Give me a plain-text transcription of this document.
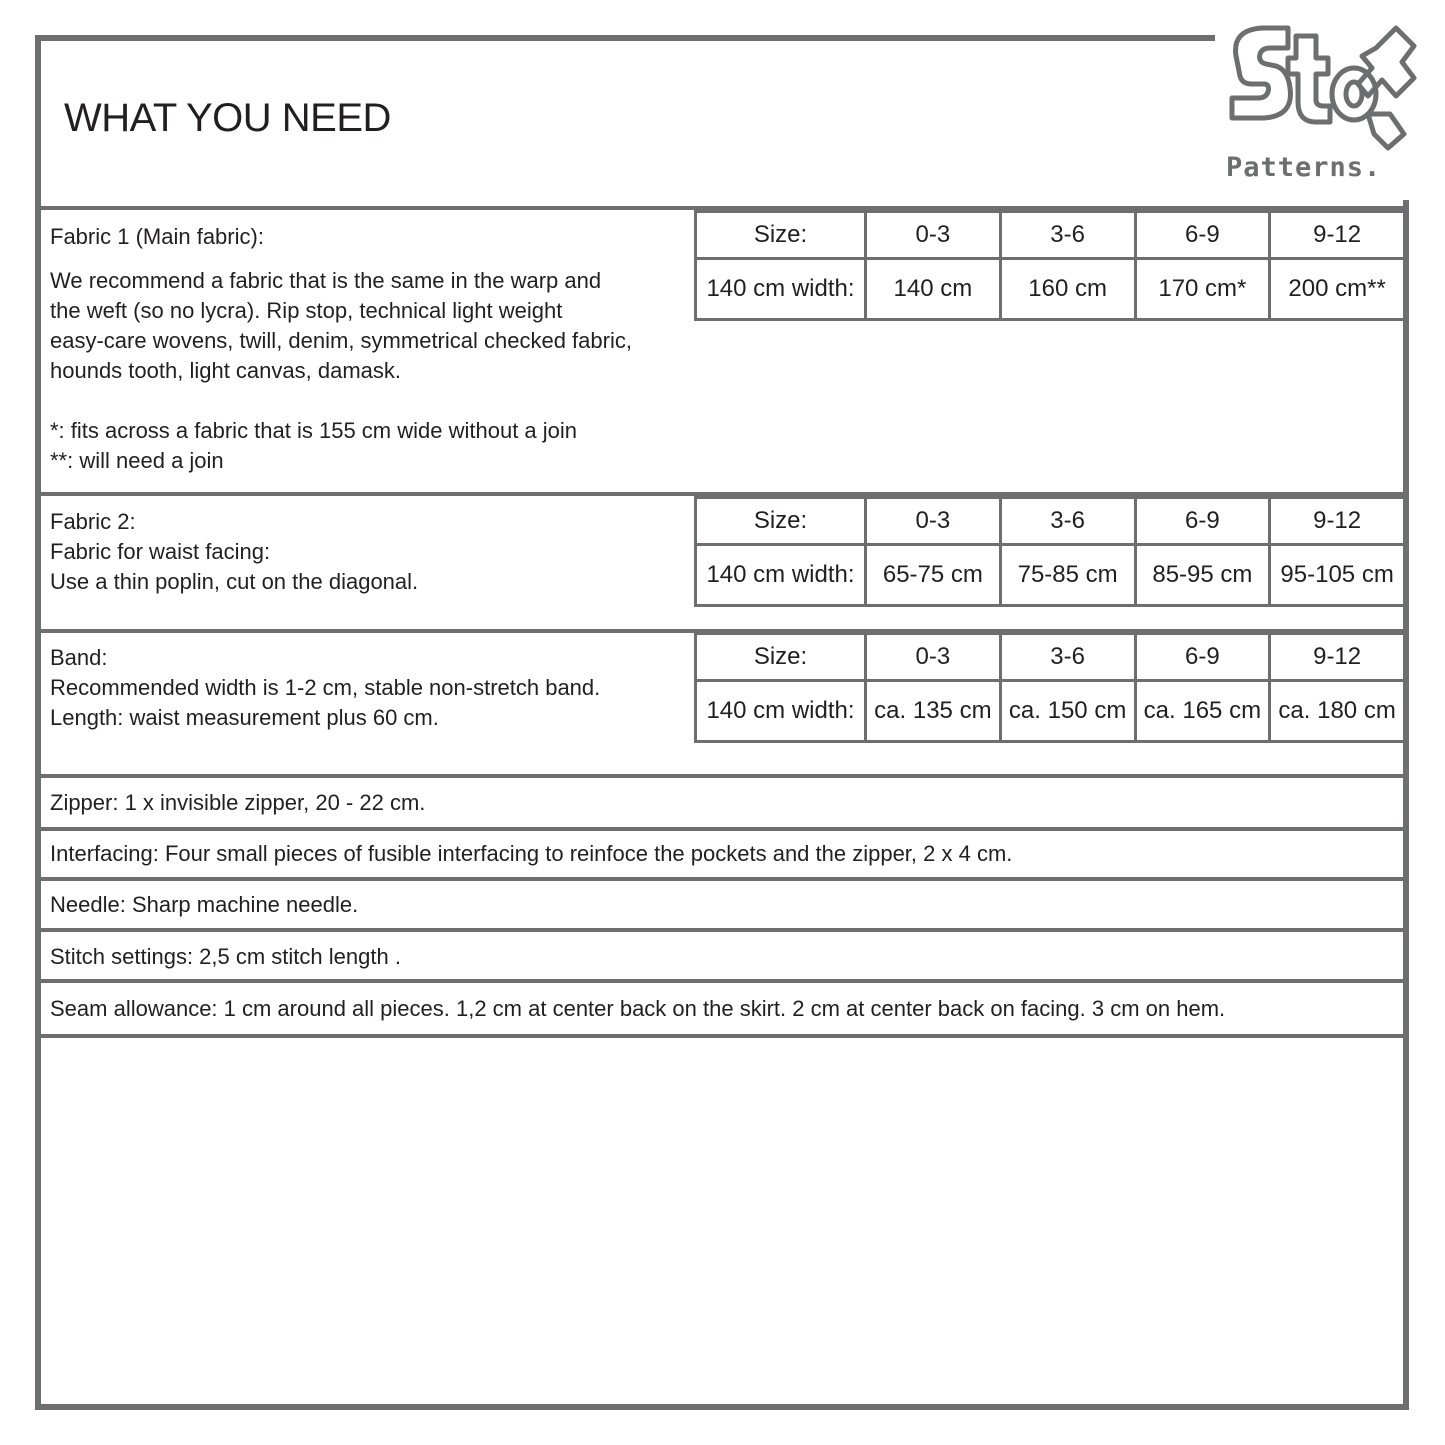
WHAT YOU NEED
Patterns.

Fabric 1 (Main fabric):

We recommend a fabric that is the same in the warp and

the weft (so no lycra). Rip stop, technical light weight

easy-care wovens, twill, denim, symmetrical checked fabric,

hounds tooth, light canvas, damask.

*: fits across a fabric that is 155 cm wide without a join

**: will need a join

Size:	0-3	3-6	6-9	9-12
140 cm width:	140 cm	160 cm	170 cm*	200 cm**

Fabric 2:

Fabric for waist facing:

Use a thin poplin, cut on the diagonal.

Size:	0-3	3-6	6-9	9-12
140 cm width:	65-75 cm	75-85 cm	85-95 cm	95-105 cm

Band:

Recommended width is 1-2 cm, stable non-stretch band.

Length: waist measurement plus 60 cm.

Size:	0-3	3-6	6-9	9-12
140 cm width:	ca. 135 cm	ca. 150 cm	ca. 165 cm	ca. 180 cm
Zipper: 1 x invisible zipper, 20 - 22 cm.
Interfacing: Four small pieces of fusible interfacing to reinfoce the pockets and the zipper, 2 x 4 cm.
Needle: Sharp machine needle.
Stitch settings: 2,5 cm stitch length .
Seam allowance: 1 cm around all pieces. 1,2 cm at center back on the skirt. 2 cm at center back on facing. 3 cm on hem.
